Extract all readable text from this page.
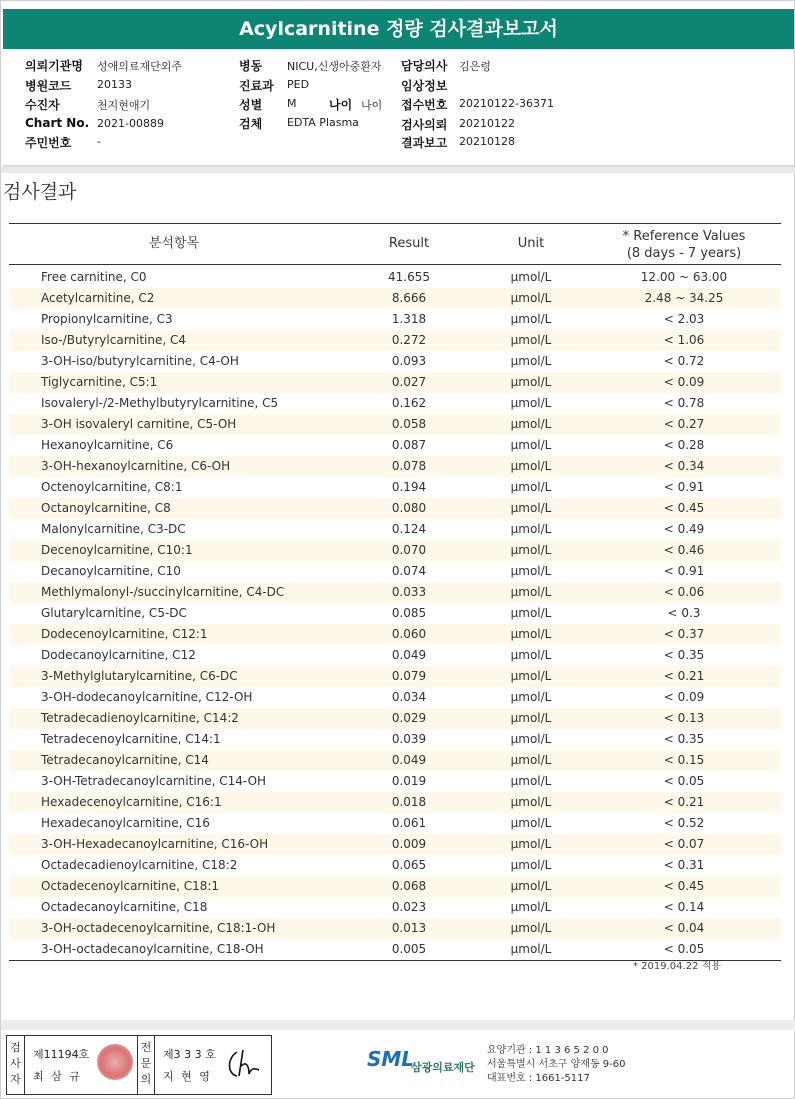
Acylcarnitine 정량 검사결과보고서
의뢰기관명 성애의료재단외주
병원코드 20133
수진자	천지현애기
Chart No. 2021-00889
주민번호 -
병동 NICU,신생아중환자
진료과 PED
성별 M	나이 나이
검체 EDTA Plasma
담당의사 김은령
임상정보
접수번호 20210122-36371
검사의뢰 20210122
결과보고 20210128
검사결과
분석항목	Result	Unit	* Reference Values
(8 days - 7 years)
Free carnitine, C0	41.655	μmol/L	12.00 ~ 63.00
Acetylcarnitine, C2	8.666	μmol/L	2.48 ~ 34.25
Propionylcarnitine, C3	1.318	μmol/L	< 2.03
Iso-/Butyrylcarnitine, C4	0.272	μmol/L	< 1.06
3-OH-iso/butyrylcarnitine, C4-OH	0.093	μmol/L	< 0.72
Tiglycarnitine, C5:1	0.027	μmol/L	< 0.09
Isovaleryl-/2-Methylbutyrylcarnitine, C5	0.162	μmol/L	< 0.78
3-OH isovaleryl carnitine, C5-OH	0.058	μmol/L	< 0.27
Hexanoylcarnitine, C6	0.087	μmol/L	< 0.28
3-OH-hexanoylcarnitine, C6-OH	0.078	μmol/L	< 0.34
Octenoylcarnitine, C8:1	0.194	μmol/L	< 0.91
Octanoylcarnitine, C8	0.080	μmol/L	< 0.45
Malonylcarnitine, C3-DC	0.124	μmol/L	< 0.49
Decenoylcarnitine, C10:1	0.070	μmol/L	< 0.46
Decanoylcarnitine, C10	0.074	μmol/L	< 0.91
Methlymalonyl-/succinylcarnitine, C4-DC	0.033	μmol/L	< 0.06
Glutarylcarnitine, C5-DC	0.085	μmol/L	< 0.3
Dodecenoylcarnitine, C12:1	0.060	μmol/L	< 0.37
Dodecanoylcarnitine, C12	0.049	μmol/L	< 0.35
3-Methylglutarylcarnitine, C6-DC	0.079	μmol/L	< 0.21
3-OH-dodecanoylcarnitine, C12-OH	0.034	μmol/L	< 0.09
Tetradecadienoylcarnitine, C14:2	0.029	μmol/L	< 0.13
Tetradecenoylcarnitine, C14:1	0.039	μmol/L	< 0.35
Tetradecanoylcarnitine, C14	0.049	μmol/L	< 0.15
3-OH-Tetradecanoylcarnitine, C14-OH	0.019	μmol/L	< 0.05
Hexadecenoylcarnitine, C16:1	0.018	μmol/L	< 0.21
Hexadecanoylcarnitine, C16	0.061	μmol/L	< 0.52
3-OH-Hexadecanoylcarnitine, C16-OH	0.009	μmol/L	< 0.07
Octadecadienoylcarnitine, C18:2	0.065	μmol/L	< 0.31
Octadecenoylcarnitine, C18:1	0.068	μmol/L	< 0.45
Octadecanoylcarnitine, C18	0.023	μmol/L	< 0.14
3-OH-octadecenoylcarnitine, C18:1-OH	0.013	μmol/L	< 0.04
3-OH-octadecanoylcarnitine, C18-OH	0.005	μmol/L	< 0.05
* 2019.04.22 적용
검
사
자
제11194호
최 삼 규
전
문
의
제3 3 3 호
지 현 영
SML
삼광의료재단
요양기관 : 1 1 3 6 5 2 0 0
서울특별시 서초구 양재동 9-60
대표번호 : 1661-5117
